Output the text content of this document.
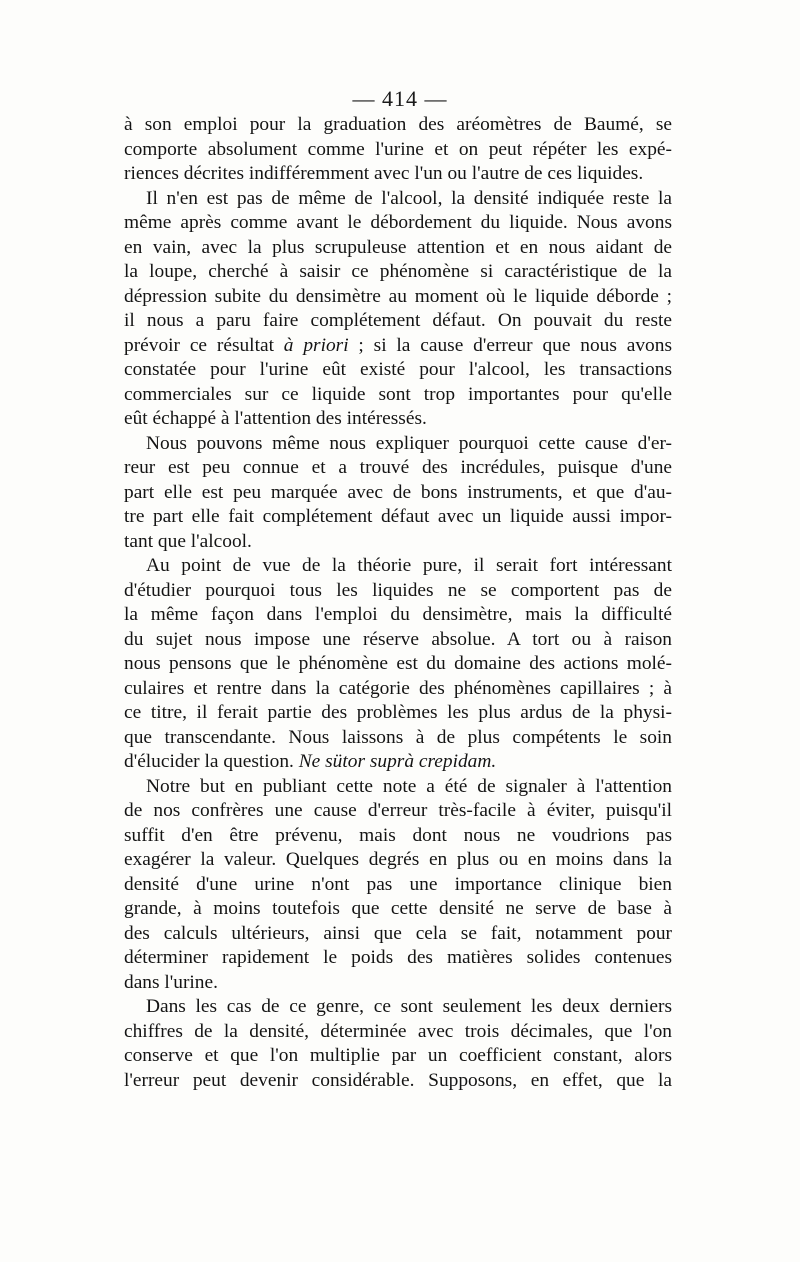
— 414 —

à son emploi pour la graduation des aréomètres de Baumé, se
comporte absolument comme l'urine et on peut répéter les expé-
riences décrites indifféremment avec l'un ou l'autre de ces liquides.

Il n'en est pas de même de l'alcool, la densité indiquée reste la
même après comme avant le débordement du liquide. Nous avons
en vain, avec la plus scrupuleuse attention et en nous aidant de
la loupe, cherché à saisir ce phénomène si caractéristique de la
dépression subite du densimètre au moment où le liquide déborde ;
il nous a paru faire complétement défaut. On pouvait du reste
prévoir ce résultat à priori ; si la cause d'erreur que nous avons
constatée pour l'urine eût existé pour l'alcool, les transactions
commerciales sur ce liquide sont trop importantes pour qu'elle
eût échappé à l'attention des intéressés.

Nous pouvons même nous expliquer pourquoi cette cause d'er-
reur est peu connue et a trouvé des incrédules, puisque d'une
part elle est peu marquée avec de bons instruments, et que d'au-
tre part elle fait complétement défaut avec un liquide aussi impor-
tant que l'alcool.

Au point de vue de la théorie pure, il serait fort intéressant
d'étudier pourquoi tous les liquides ne se comportent pas de
la même façon dans l'emploi du densimètre, mais la difficulté
du sujet nous impose une réserve absolue. A tort ou à raison
nous pensons que le phénomène est du domaine des actions molé-
culaires et rentre dans la catégorie des phénomènes capillaires ; à
ce titre, il ferait partie des problèmes les plus ardus de la physi-
que transcendante. Nous laissons à de plus compétents le soin
d'élucider la question. Ne sütor suprà crepidam.

Notre but en publiant cette note a été de signaler à l'attention
de nos confrères une cause d'erreur très-facile à éviter, puisqu'il
suffit d'en être prévenu, mais dont nous ne voudrions pas
exagérer la valeur. Quelques degrés en plus ou en moins dans la
densité d'une urine n'ont pas une importance clinique bien
grande, à moins toutefois que cette densité ne serve de base à
des calculs ultérieurs, ainsi que cela se fait, notamment pour
déterminer rapidement le poids des matières solides contenues
dans l'urine.

Dans les cas de ce genre, ce sont seulement les deux derniers
chiffres de la densité, déterminée avec trois décimales, que l'on
conserve et que l'on multiplie par un coefficient constant, alors
l'erreur peut devenir considérable. Supposons, en effet, que la
